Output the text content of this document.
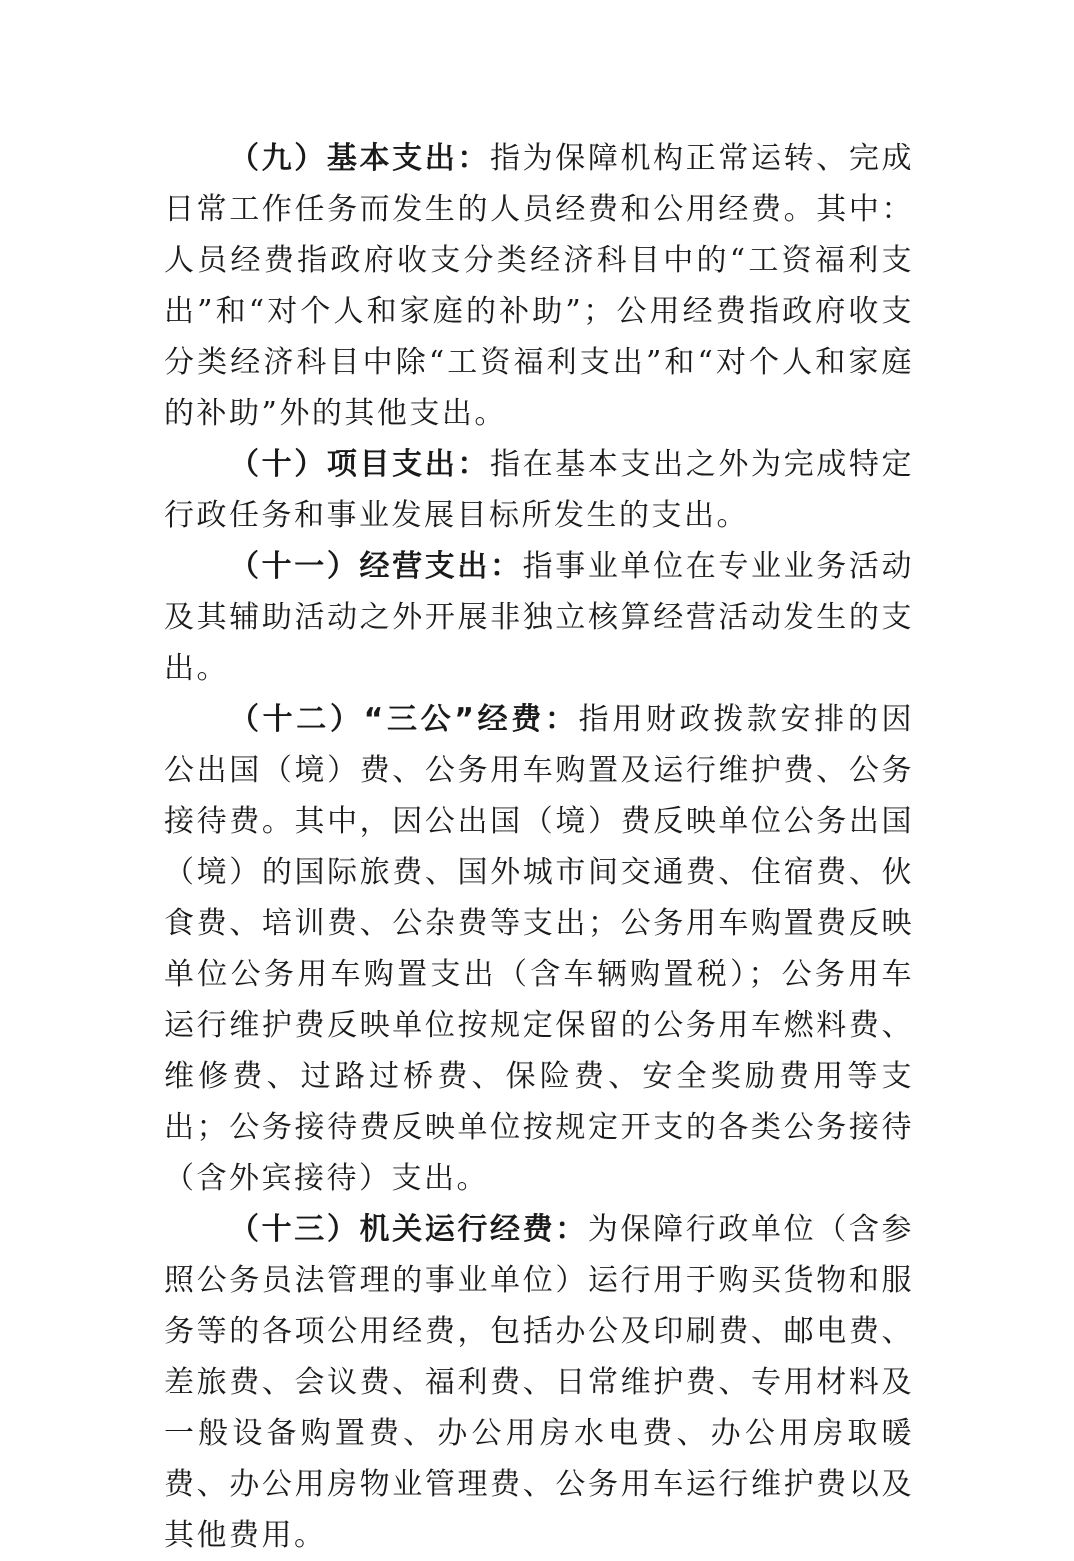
（九）基本支出：指为保障机构正常运转、完成日常工作任务而发生的人员经费和公用经费。其中：人员经费指政府收支分类经济科目中的“工资福利支出”和“对个人和家庭的补助”；公用经费指政府收支分类经济科目中除“工资福利支出”和“对个人和家庭的补助”外的其他支出。

（十）项目支出：指在基本支出之外为完成特定行政任务和事业发展目标所发生的支出。

（十一）经营支出：指事业单位在专业业务活动及其辅助活动之外开展非独立核算经营活动发生的支出。

（十二）“三公”经费：指用财政拨款安排的因公出国（境）费、公务用车购置及运行维护费、公务接待费。其中，因公出国（境）费反映单位公务出国（境）的国际旅费、国外城市间交通费、住宿费、伙食费、培训费、公杂费等支出；公务用车购置费反映单位公务用车购置支出（含车辆购置税）；公务用车运行维护费反映单位按规定保留的公务用车燃料费、维修费、过路过桥费、保险费、安全奖励费用等支出；公务接待费反映单位按规定开支的各类公务接待（含外宾接待）支出。

（十三）机关运行经费：为保障行政单位（含参照公务员法管理的事业单位）运行用于购买货物和服务等的各项公用经费，包括办公及印刷费、邮电费、差旅费、会议费、福利费、日常维护费、专用材料及一般设备购置费、办公用房水电费、办公用房取暖费、办公用房物业管理费、公务用车运行维护费以及其他费用。
